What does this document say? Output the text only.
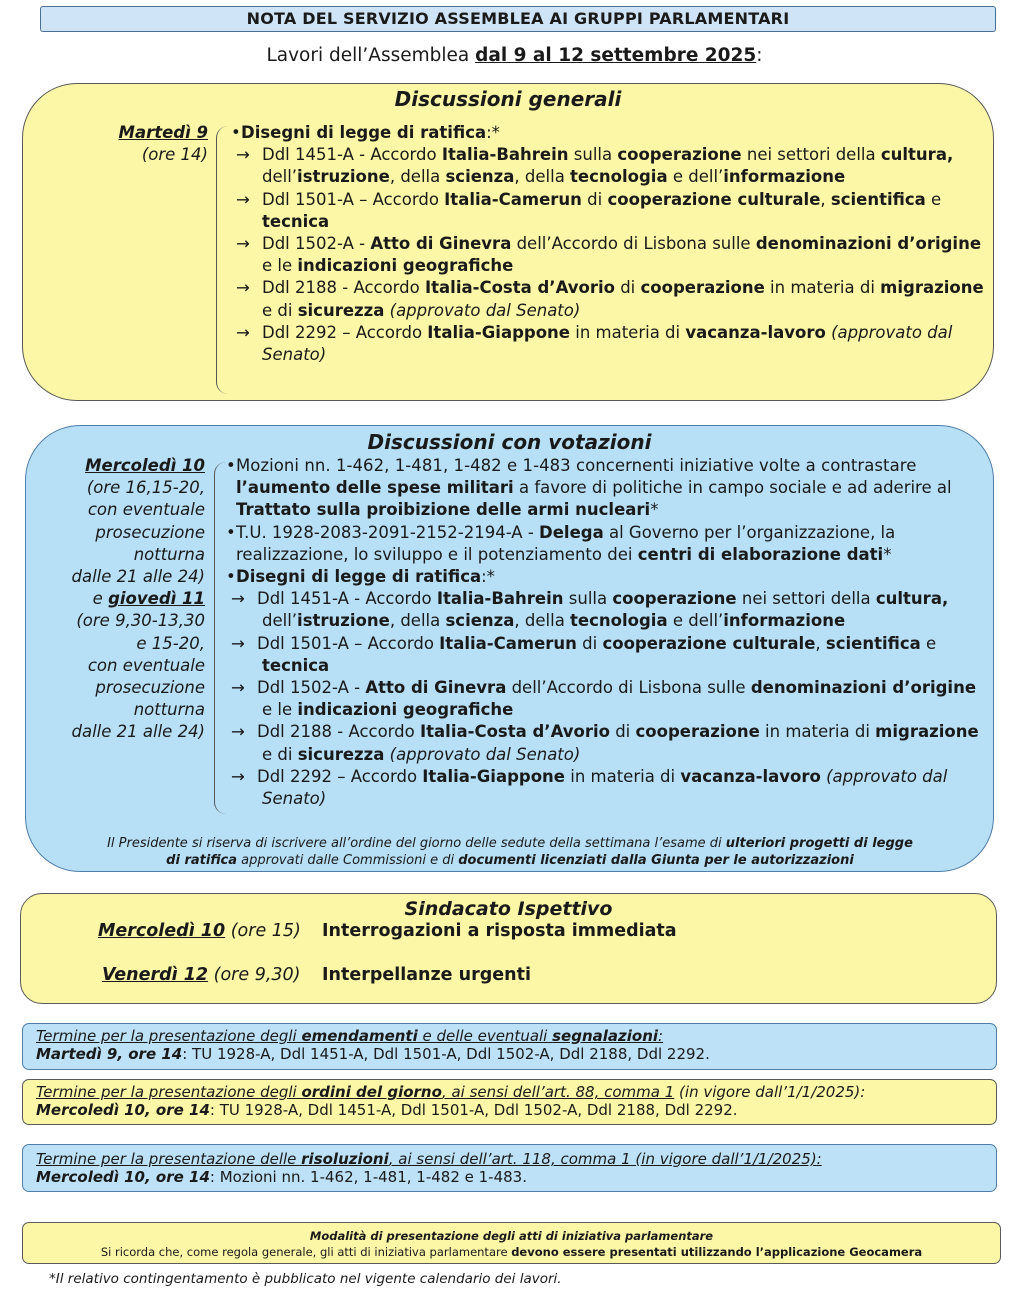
NOTA DEL SERVIZIO ASSEMBLEA AI GRUPPI PARLAMENTARI
Lavori dell’Assemblea dal 9 al 12 settembre 2025:
Discussioni generali
Martedì 9
(ore 14)
•Disegni di legge di ratifica:*
→ Ddl 1451-A - Accordo Italia-Bahrein sulla cooperazione nei settori della cultura,
dell’istruzione, della scienza, della tecnologia e dell’informazione
→ Ddl 1501-A – Accordo Italia-Camerun di cooperazione culturale, scientifica e
tecnica
→ Ddl 1502-A - Atto di Ginevra dell’Accordo di Lisbona sulle denominazioni d’origine
e le indicazioni geografiche
→ Ddl 2188 - Accordo Italia-Costa d’Avorio di cooperazione in materia di migrazione
e di sicurezza (approvato dal Senato)
→ Ddl 2292 – Accordo Italia-Giappone in materia di vacanza-lavoro (approvato dal
Senato)
Discussioni con votazioni
Mercoledì 10
(ore 16,15-20,
con eventuale
prosecuzione
notturna
dalle 21 alle 24)
e giovedì 11
(ore 9,30-13,30
e 15-20,
con eventuale
prosecuzione
notturna
dalle 21 alle 24)
•Mozioni nn. 1-462, 1-481, 1-482 e 1-483 concernenti iniziative volte a contrastare
l’aumento delle spese militari a favore di politiche in campo sociale e ad aderire al
Trattato sulla proibizione delle armi nucleari*
•T.U. 1928-2083-2091-2152-2194-A - Delega al Governo per l’organizzazione, la
realizzazione, lo sviluppo e il potenziamento dei centri di elaborazione dati*
•Disegni di legge di ratifica:*
→ Ddl 1451-A - Accordo Italia-Bahrein sulla cooperazione nei settori della cultura,
dell’istruzione, della scienza, della tecnologia e dell’informazione
→ Ddl 1501-A – Accordo Italia-Camerun di cooperazione culturale, scientifica e
tecnica
→ Ddl 1502-A - Atto di Ginevra dell’Accordo di Lisbona sulle denominazioni d’origine
e le indicazioni geografiche
→ Ddl 2188 - Accordo Italia-Costa d’Avorio di cooperazione in materia di migrazione
e di sicurezza (approvato dal Senato)
→ Ddl 2292 – Accordo Italia-Giappone in materia di vacanza-lavoro (approvato dal
Senato)
Il Presidente si riserva di iscrivere all’ordine del giorno delle sedute della settimana l’esame di ulteriori progetti di legge
di ratifica approvati dalle Commissioni e di documenti licenziati dalla Giunta per le autorizzazioni
Sindacato Ispettivo
Mercoledì 10 (ore 15) Interrogazioni a risposta immediata
Venerdì 12 (ore 9,30) Interpellanze urgenti
Termine per la presentazione degli emendamenti e delle eventuali segnalazioni:
Martedì 9, ore 14: TU 1928-A, Ddl 1451-A, Ddl 1501-A, Ddl 1502-A, Ddl 2188, Ddl 2292.
Termine per la presentazione degli ordini del giorno, ai sensi dell’art. 88, comma 1 (in vigore dall’1/1/2025):
Mercoledì 10, ore 14: TU 1928-A, Ddl 1451-A, Ddl 1501-A, Ddl 1502-A, Ddl 2188, Ddl 2292.
Termine per la presentazione delle risoluzioni, ai sensi dell’art. 118, comma 1 (in vigore dall’1/1/2025):
Mercoledì 10, ore 14: Mozioni nn. 1-462, 1-481, 1-482 e 1-483.
Modalità di presentazione degli atti di iniziativa parlamentare
Si ricorda che, come regola generale, gli atti di iniziativa parlamentare devono essere presentati utilizzando l’applicazione Geocamera
*Il relativo contingentamento è pubblicato nel vigente calendario dei lavori.
